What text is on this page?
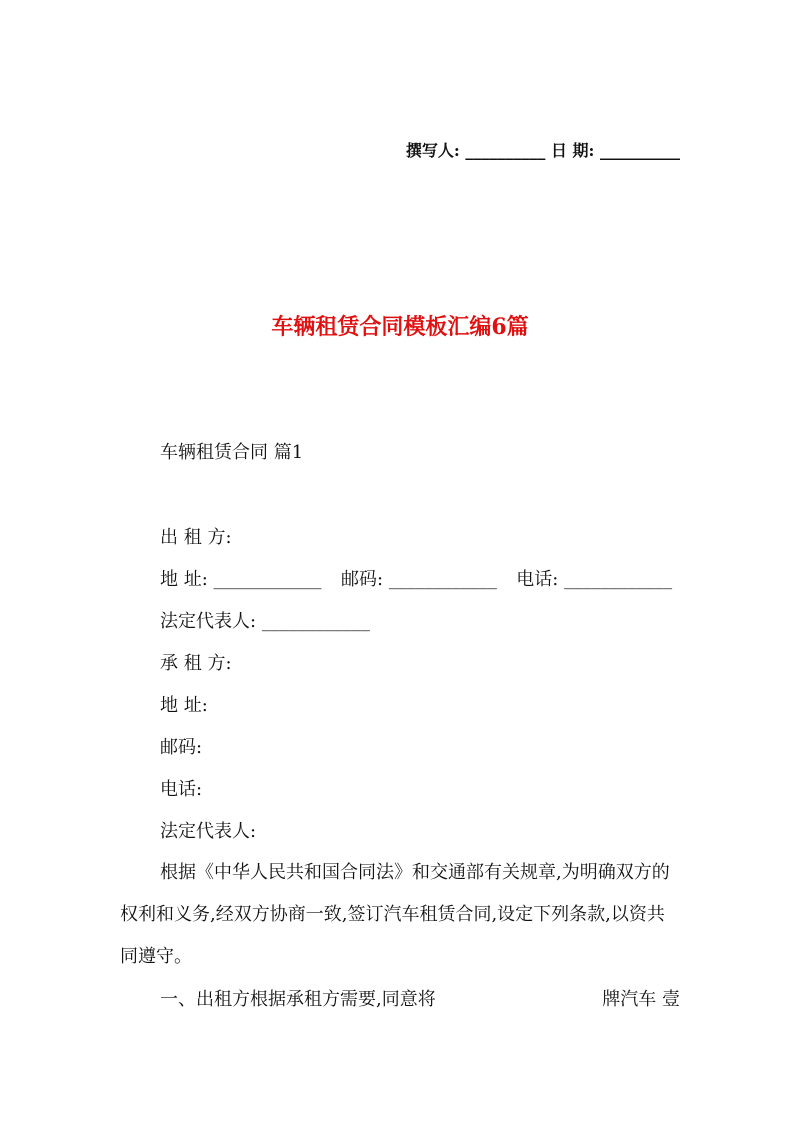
撰写人: __________ 日 期: __________
车辆租赁合同模板汇编6篇
车辆租赁合同 篇1
出 租 方:
地 址: ____________ 邮码: ____________ 电话: ____________
法定代表人: ____________
承 租 方:
地 址:
邮码:
电话:
法定代表人:
根据《中华人民共和国合同法》和交通部有关规章,为明确双方的权利和义务,经双方协商一致,签订汽车租赁合同,设定下列条款,以资共同遵守。
一、出租方根据承租方需要,同意将	牌汽车 壹
